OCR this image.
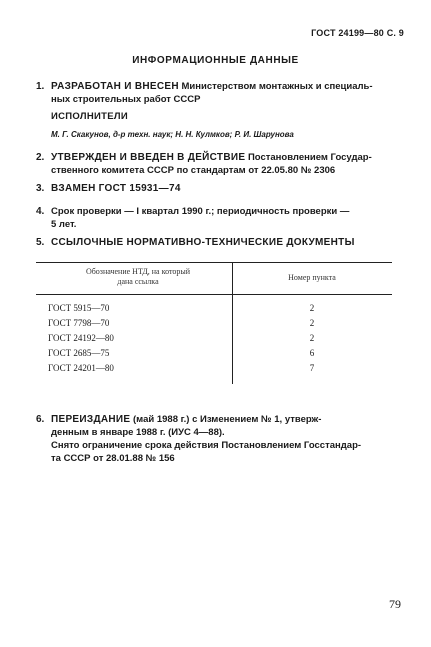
ГОСТ 24199—80 С. 9
ИНФОРМАЦИОННЫЕ ДАННЫЕ
1. РАЗРАБОТАН И ВНЕСЕН Министерством монтажных и специаль-
ных строительных работ СССР
ИСПОЛНИТЕЛИ
М. Г. Скакунов, д-р техн. наук; Н. Н. Кулмков; Р. И. Шарунова
2. УТВЕРЖДЕН И ВВЕДЕН В ДЕЙСТВИЕ Постановлением Государ-
ственного комитета СССР по стандартам от 22.05.80 № 2306
3. ВЗАМЕН ГОСТ 15931—74
4. Срок проверки — I квартал 1990 г.; периодичность проверки —
5 лет.
5. ССЫЛОЧНЫЕ НОРМАТИВНО-ТЕХНИЧЕСКИЕ ДОКУМЕНТЫ
Обозначение НТД, на который
дана ссылка	Номер пункта
ГОСТ 5915—70	2
ГОСТ 7798—70	2
ГОСТ 24192—80	2
ГОСТ 2685—75	6
ГОСТ 24201—80	7
6. ПЕРЕИЗДАНИЕ (май 1988 г.) с Изменением № 1, утверж-
денным в январе 1988 г. (ИУС 4—88).
Снято ограничение срока действия Постановлением Госстандар-
та СССР от 28.01.88 № 156
79
